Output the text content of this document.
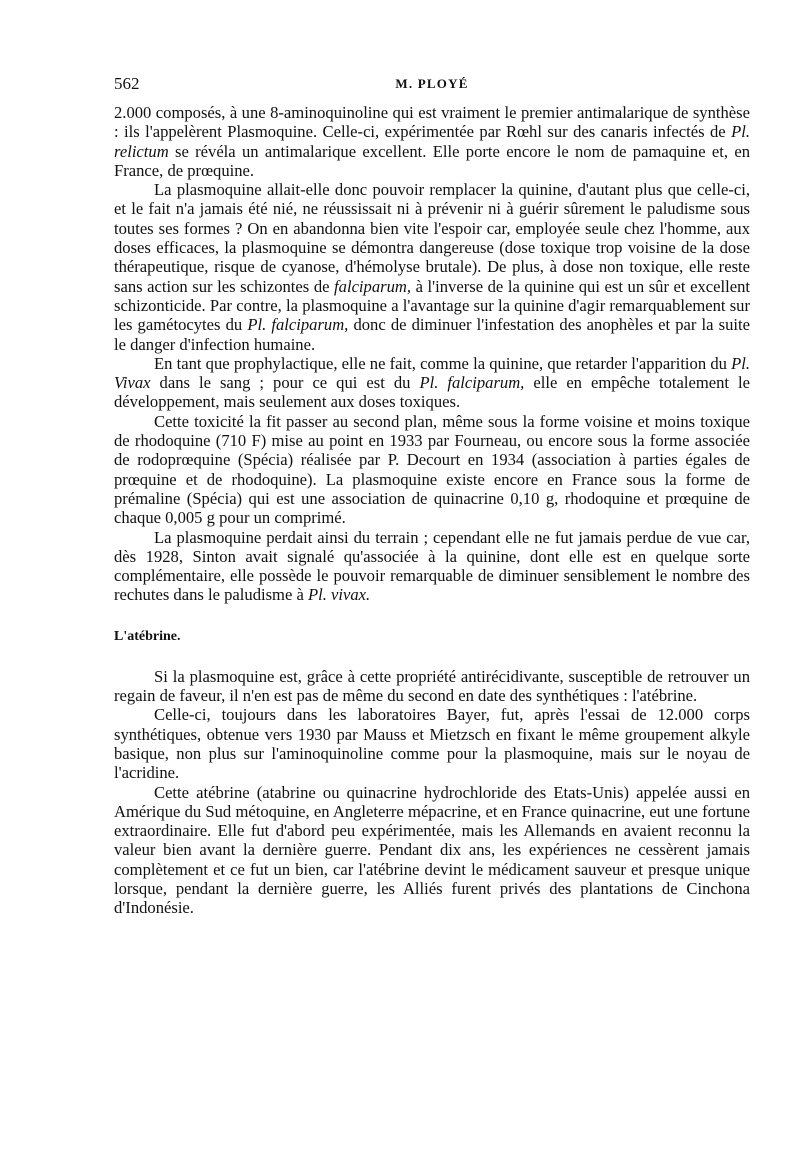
562	M. PLOYÉ

2.000 composés, à une 8-aminoquinoline qui est vraiment le premier antimalarique de synthèse : ils l'appelèrent Plasmoquine. Celle-ci, expérimentée par Rœhl sur des canaris infectés de Pl. relictum se révéla un antimalarique excellent. Elle porte encore le nom de pamaquine et, en France, de prœquine.

La plasmoquine allait-elle donc pouvoir remplacer la quinine, d'autant plus que celle-ci, et le fait n'a jamais été nié, ne réussissait ni à prévenir ni à guérir sûrement le paludisme sous toutes ses formes ? On en abandonna bien vite l'espoir car, employée seule chez l'homme, aux doses efficaces, la plasmoquine se démontra dangereuse (dose toxique trop voisine de la dose thérapeutique, risque de cyanose, d'hémolyse brutale). De plus, à dose non toxique, elle reste sans action sur les schizontes de falciparum, à l'inverse de la quinine qui est un sûr et excellent schizonticide. Par contre, la plasmoquine a l'avantage sur la quinine d'agir remarquablement sur les gamétocytes du Pl. falciparum, donc de diminuer l'infestation des anophèles et par la suite le danger d'infection humaine.

En tant que prophylactique, elle ne fait, comme la quinine, que retarder l'apparition du Pl. Vivax dans le sang ; pour ce qui est du Pl. falciparum, elle en empêche totalement le développement, mais seulement aux doses toxiques.

Cette toxicité la fit passer au second plan, même sous la forme voisine et moins toxique de rhodoquine (710 F) mise au point en 1933 par Fourneau, ou encore sous la forme associée de rodoprœquine (Spécia) réalisée par P. Decourt en 1934 (association à parties égales de prœquine et de rhodoquine). La plasmoquine existe encore en France sous la forme de prémaline (Spécia) qui est une association de quinacrine 0,10 g, rhodoquine et prœquine de chaque 0,005 g pour un comprimé.

La plasmoquine perdait ainsi du terrain ; cependant elle ne fut jamais perdue de vue car, dès 1928, Sinton avait signalé qu'associée à la quinine, dont elle est en quelque sorte complémentaire, elle possède le pouvoir remarquable de diminuer sensiblement le nombre des rechutes dans le paludisme à Pl. vivax.

L'atébrine.

Si la plasmoquine est, grâce à cette propriété antirécidivante, susceptible de retrouver un regain de faveur, il n'en est pas de même du second en date des synthétiques : l'atébrine.

Celle-ci, toujours dans les laboratoires Bayer, fut, après l'essai de 12.000 corps synthétiques, obtenue vers 1930 par Mauss et Mietzsch en fixant le même groupement alkyle basique, non plus sur l'aminoquinoline comme pour la plasmoquine, mais sur le noyau de l'acridine.

Cette atébrine (atabrine ou quinacrine hydrochloride des Etats-Unis) appelée aussi en Amérique du Sud métoquine, en Angleterre mépacrine, et en France quinacrine, eut une fortune extraordinaire. Elle fut d'abord peu expérimentée, mais les Allemands en avaient reconnu la valeur bien avant la dernière guerre. Pendant dix ans, les expériences ne cessèrent jamais complètement et ce fut un bien, car l'atébrine devint le médicament sauveur et presque unique lorsque, pendant la dernière guerre, les Alliés furent privés des plantations de Cinchona d'Indonésie.
